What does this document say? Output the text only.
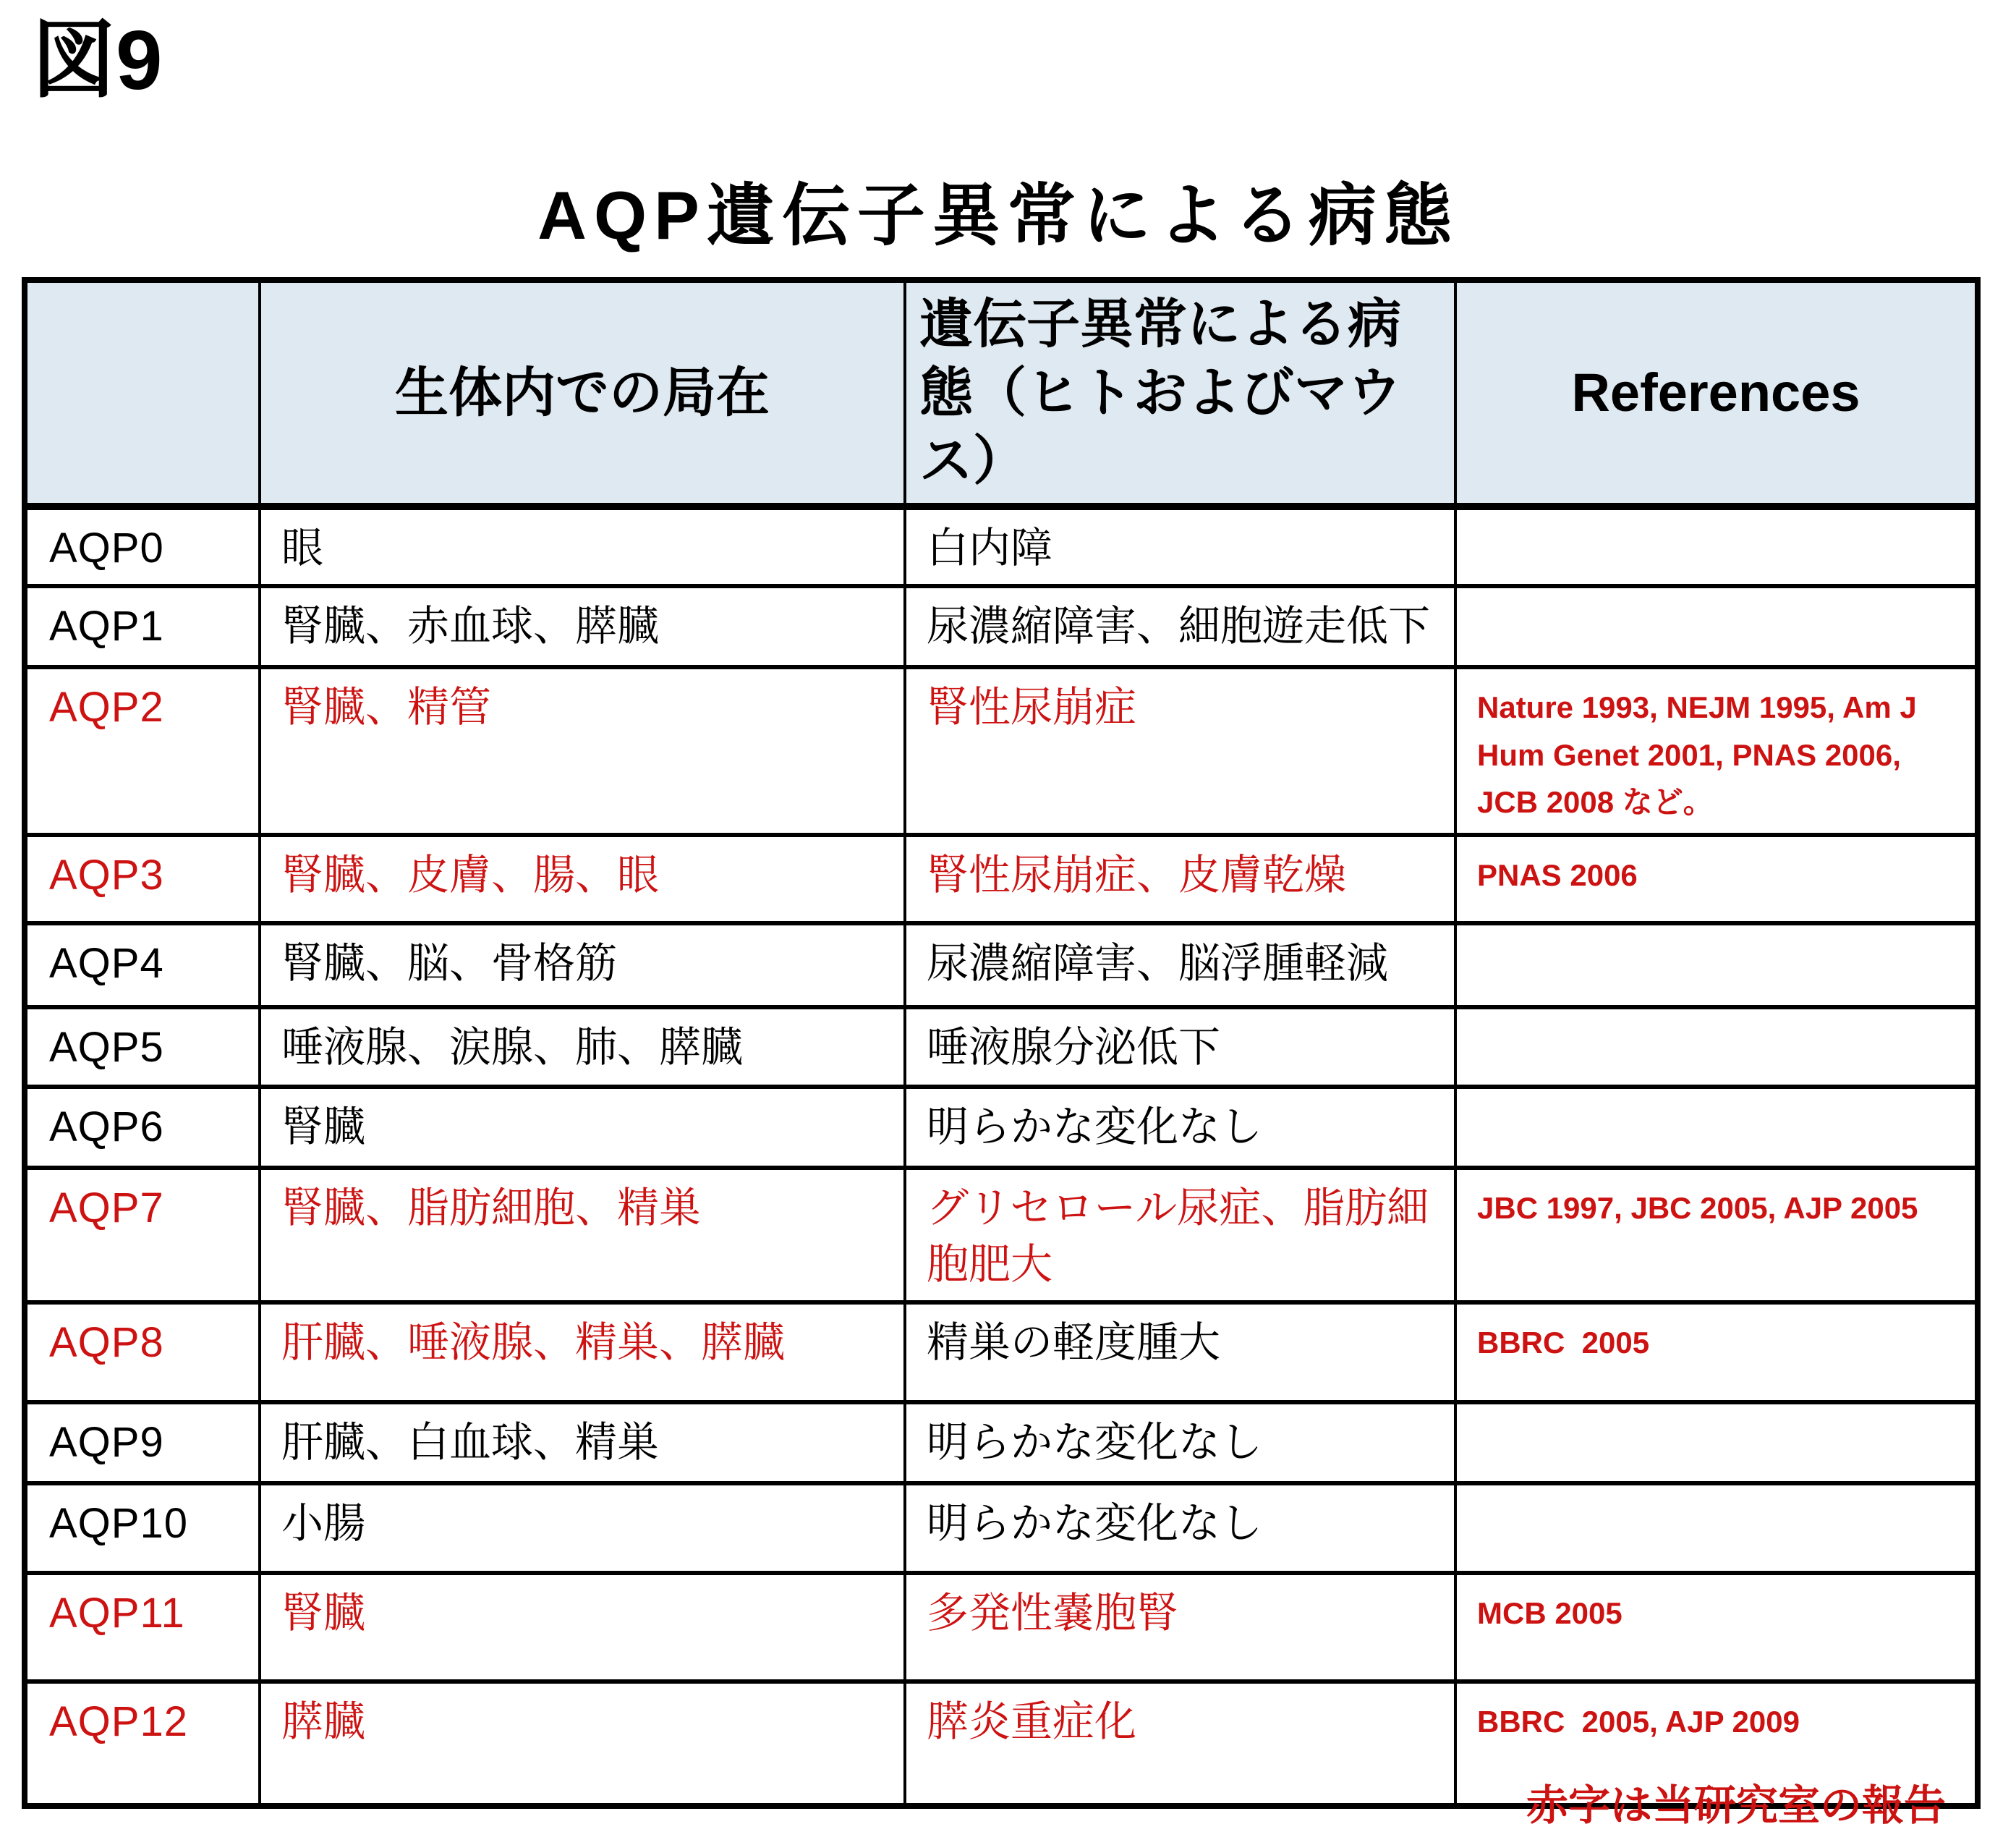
図9
AQP遺伝子異常による病態
	生体内での局在	遺伝子異常による病態（ヒトおよびマウス）	References
AQP0	眼	白内障	
AQP1	腎臓、赤血球、膵臓	尿濃縮障害、細胞遊走低下	
AQP2	腎臓、精管	腎性尿崩症	Nature 1993, NEJM 1995, Am J Hum Genet 2001, PNAS 2006, JCB 2008 など。
AQP3	腎臓、皮膚、腸、眼	腎性尿崩症、皮膚乾燥	PNAS 2006
AQP4	腎臓、脳、骨格筋	尿濃縮障害、脳浮腫軽減	
AQP5	唾液腺、涙腺、肺、膵臓	唾液腺分泌低下	
AQP6	腎臓	明らかな変化なし	
AQP7	腎臓、脂肪細胞、精巣	グリセロール尿症、脂肪細胞肥大	JBC 1997, JBC 2005, AJP 2005
AQP8	肝臓、唾液腺、精巣、膵臓	精巣の軽度腫大	BBRC  2005
AQP9	肝臓、白血球、精巣	明らかな変化なし	
AQP10	小腸	明らかな変化なし	
AQP11	腎臓	多発性嚢胞腎	MCB 2005
AQP12	膵臓	膵炎重症化	BBRC  2005, AJP 2009
赤字は当研究室の報告
